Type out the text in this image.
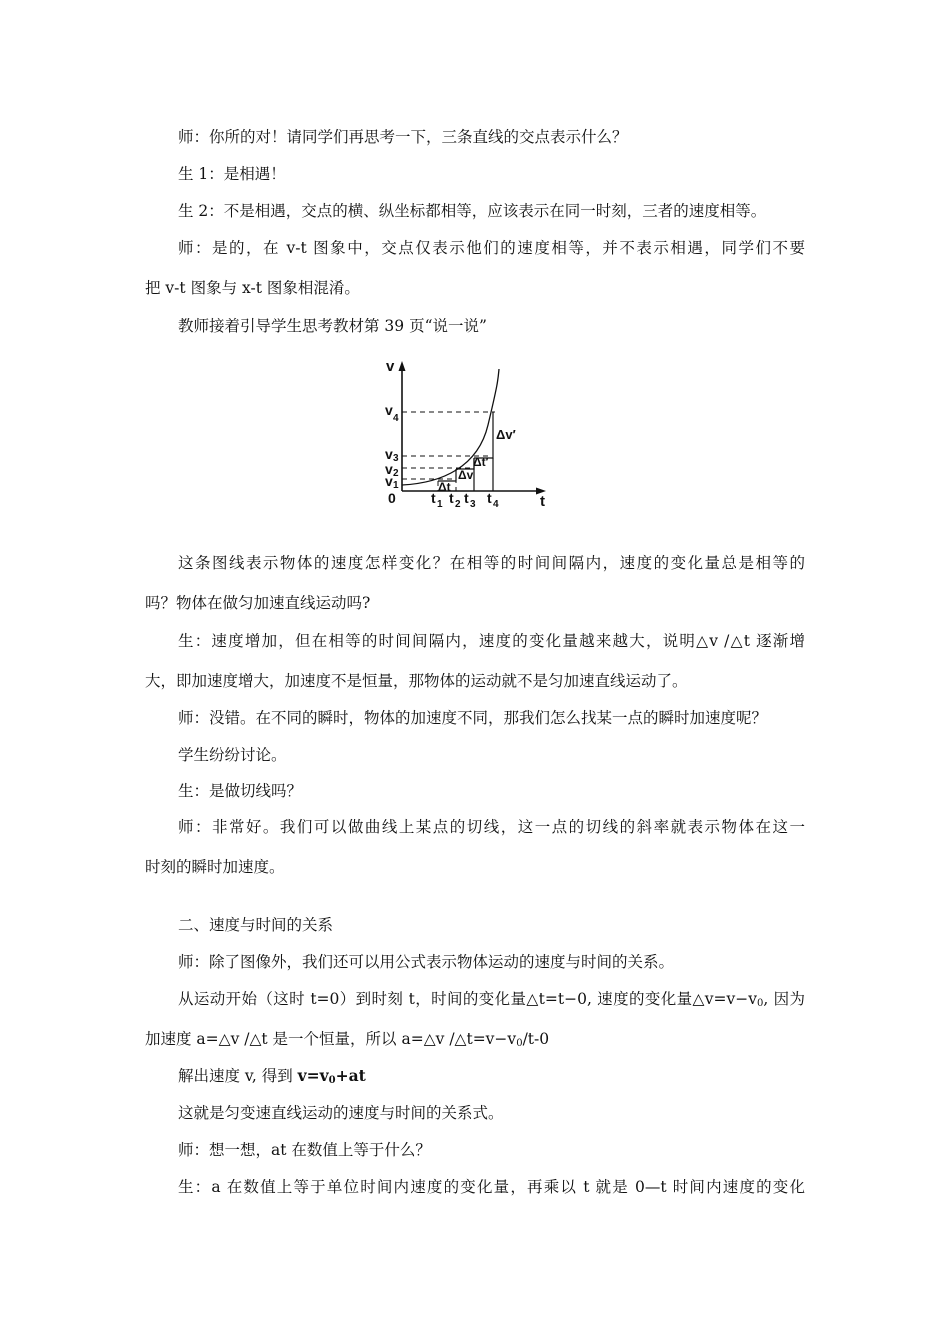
师：你所的对！请同学们再思考一下，三条直线的交点表示什么？
生 1：是相遇！
生 2：不是相遇，交点的横、纵坐标都相等，应该表示在同一时刻，三者的速度相等。
师：是的，在 v-t 图象中，交点仅表示他们的速度相等，并不表示相遇，同学们不要
把 v-t 图象与 x-t 图象相混淆。
教师接着引导学生思考教材第 39 页“说一说”
v
v
4
v 3
v 2
v 1
0	t
t 1 t 2 t 3 t 4
Δt
Δv
Δt′
Δv′
这条图线表示物体的速度怎样变化？在相等的时间间隔内，速度的变化量总是相等的
吗？物体在做匀加速直线运动吗?
生：速度增加，但在相等的时间间隔内，速度的变化量越来越大，说明△v /△t 逐渐增
大，即加速度增大，加速度不是恒量，那物体的运动就不是匀加速直线运动了。
师：没错。在不同的瞬时，物体的加速度不同，那我们怎么找某一点的瞬时加速度呢？
学生纷纷讨论。
生：是做切线吗？
师：非常好。我们可以做曲线上某点的切线，这一点的切线的斜率就表示物体在这一
时刻的瞬时加速度。
二、速度与时间的关系
师：除了图像外，我们还可以用公式表示物体运动的速度与时间的关系。
从运动开始（这时 t=0）到时刻 t，时间的变化量△t=t−0, 速度的变化量$\triangle v=v-v_0$, 因为
加速度 a=△v /△t 是一个恒量，所以 a=△v $/\triangle t=v-v_0/t-0$
解出速度 v, 得到 $v=v_0+at$
这就是匀变速直线运动的速度与时间的关系式。
师：想一想，at 在数值上等于什么？
生：a 在数值上等于单位时间内速度的变化量，再乘以 t 就是 0—t 时间内速度的变化
